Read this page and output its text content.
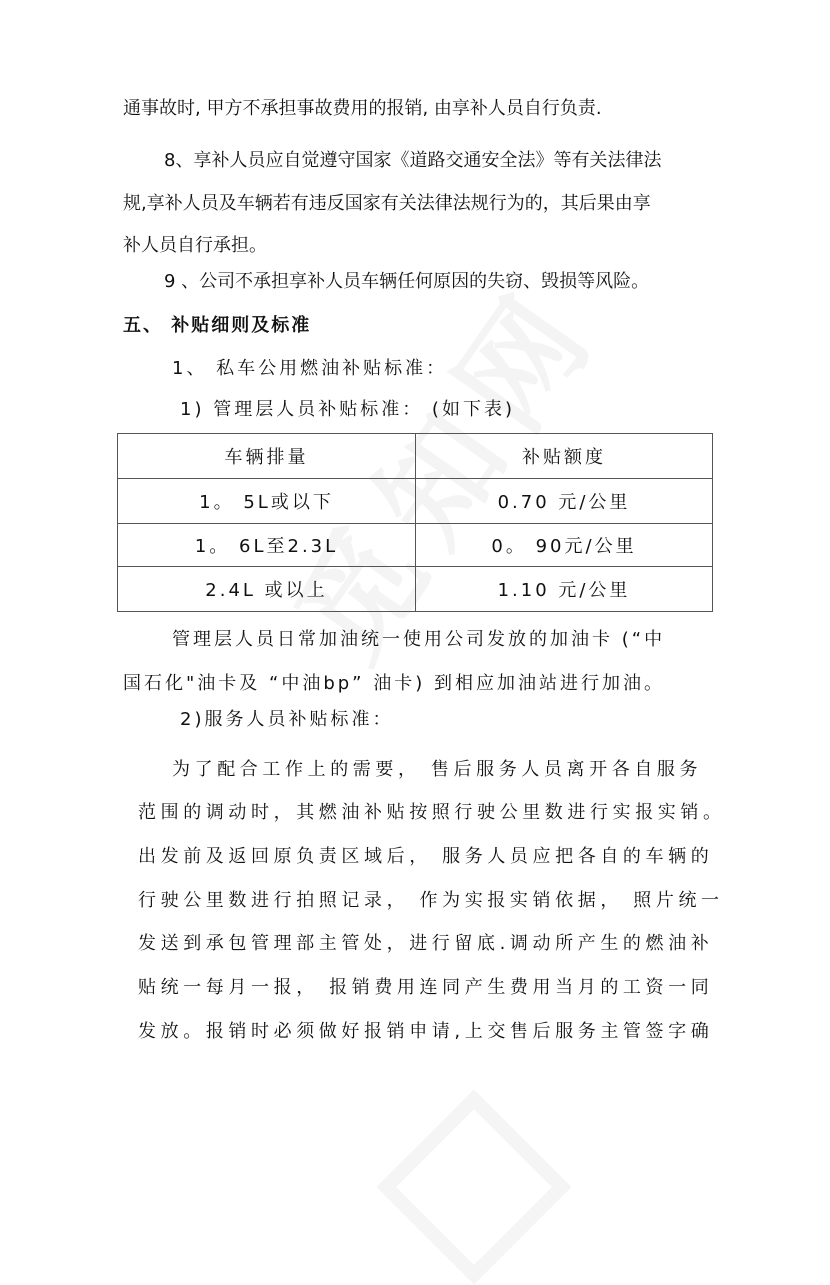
通事故时, 甲方不承担事故费用的报销, 由享补人员自行负责.
8、享补人员应自觉遵守国家《道路交通安全法》等有关法律法
规,享补人员及车辆若有违反国家有关法律法规行为的，其后果由享
补人员自行承担。
9 、公司不承担享补人员车辆任何原因的失窃、毁损等风险。
五、 补贴细则及标准
1、 私车公用燃油补贴标准：
1) 管理层人员补贴标准： (如下表)
车辆排量	补贴额度
1。 5L或以下	0.70 元/公里
1。 6L至2.3L	0。 90元/公里
2.4L 或以上	1.10 元/公里
管理层人员日常加油统一使用公司发放的加油卡 (“中
国石化"油卡及 “中油bp” 油卡) 到相应加油站进行加油。
2)服务人员补贴标准：
为了配合工作上的需要， 售后服务人员离开各自服务
范围的调动时，其燃油补贴按照行驶公里数进行实报实销。
出发前及返回原负责区域后， 服务人员应把各自的车辆的
行驶公里数进行拍照记录， 作为实报实销依据， 照片统一
发送到承包管理部主管处，进行留底.调动所产生的燃油补
贴统一每月一报， 报销费用连同产生费用当月的工资一同
发放。报销时必须做好报销申请,上交售后服务主管签字确
